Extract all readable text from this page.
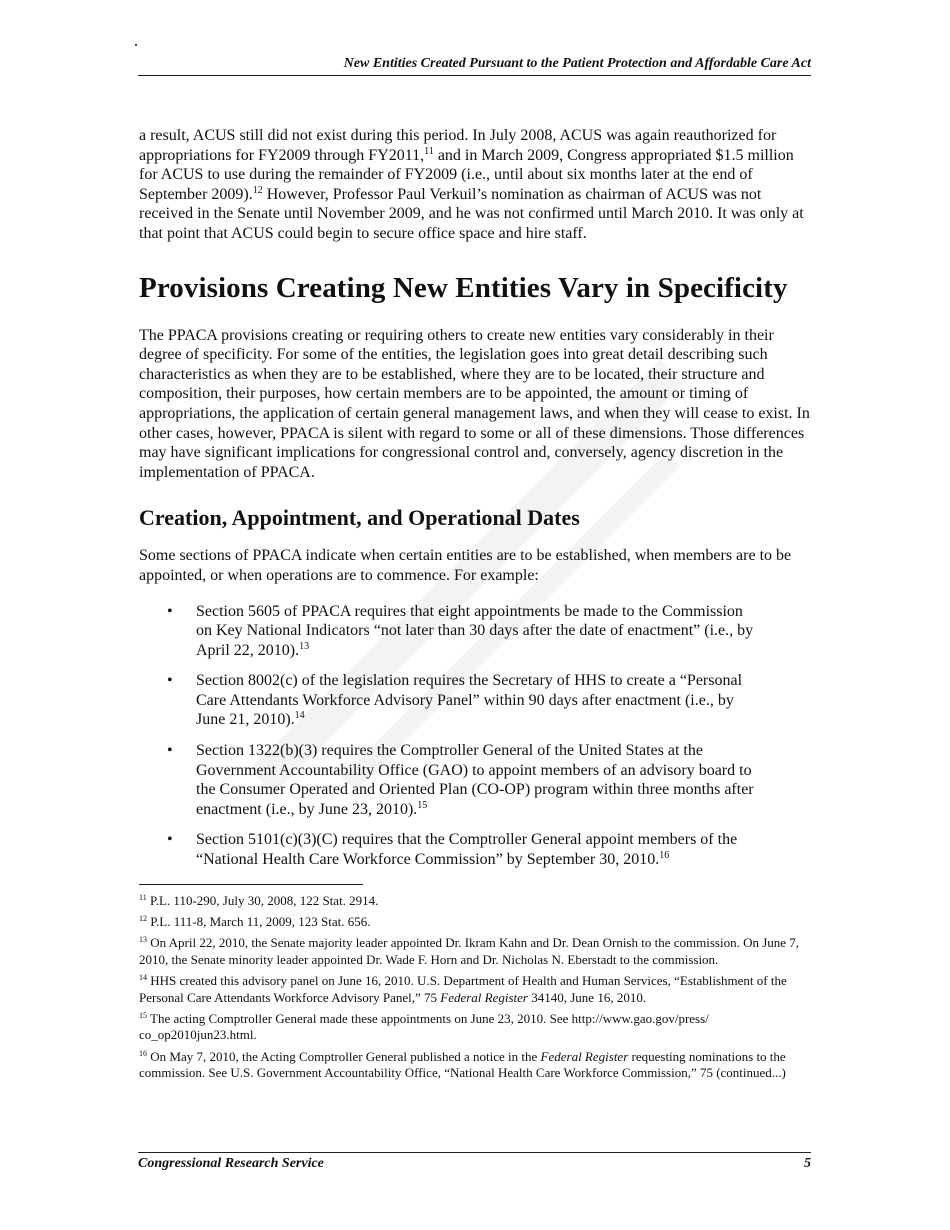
New Entities Created Pursuant to the Patient Protection and Affordable Care Act

a result, ACUS still did not exist during this period. In July 2008, ACUS was again reauthorized for appropriations for FY2009 through FY2011,11 and in March 2009, Congress appropriated $1.5 million for ACUS to use during the remainder of FY2009 (i.e., until about six months later at the end of September 2009).$^{12}$ However, Professor Paul Verkuil’s nomination as chairman of ACUS was not received in the Senate until November 2009, and he was not confirmed until March 2010. It was only at that point that ACUS could begin to secure office space and hire staff.

Provisions Creating New Entities Vary in Specificity

The PPACA provisions creating or requiring others to create new entities vary considerably in their degree of specificity. For some of the entities, the legislation goes into great detail describing such characteristics as when they are to be established, where they are to be located, their structure and composition, their purposes, how certain members are to be appointed, the amount or timing of appropriations, the application of certain general management laws, and when they will cease to exist. In other cases, however, PPACA is silent with regard to some or all of these dimensions. Those differences may have significant implications for congressional control and, conversely, agency discretion in the implementation of PPACA.

Creation, Appointment, and Operational Dates

Some sections of PPACA indicate when certain entities are to be established, when members are to be appointed, or when operations are to commence. For example:

• Section 5605 of PPACA requires that eight appointments be made to the Commission on Key National Indicators “not later than 30 days after the date of enactment” (i.e., by April 22, 2010).$^{13}$
• Section 8002(c) of the legislation requires the Secretary of HHS to create a “Personal Care Attendants Workforce Advisory Panel” within 90 days after enactment (i.e., by June 21, 2010).$^{14}$
• Section 1322(b)(3) requires the Comptroller General of the United States at the Government Accountability Office (GAO) to appoint members of an advisory board to the Consumer Operated and Oriented Plan (CO-OP) program within three months after enactment (i.e., by June 23, 2010).$^{15}$
• Section 5101(c)(3)(C) requires that the Comptroller General appoint members of the “National Health Care Workforce Commission” by September 30, 2010.16

$^{11}$ P.L. 110-290, July 30, 2008, 122 Stat. 2914.

$^{12}$ P.L. 111-8, March 11, 2009, 123 Stat. 656.

$^{13}$ On April 22, 2010, the Senate majority leader appointed Dr. Ikram Kahn and Dr. Dean Ornish to the commission. On June 7, 2010, the Senate minority leader appointed Dr. Wade F. Horn and Dr. Nicholas N. Eberstadt to the commission.

$^{14}$ HHS created this advisory panel on June 16, 2010. U.S. Department of Health and Human Services, “Establishment of the Personal Care Attendants Workforce Advisory Panel,” 75 Federal Register 34140, June 16, 2010.

$^{15}$ The acting Comptroller General made these appointments on June 23, 2010. See http://www.gao.gov/press/ co_op2010jun23.html.

$^{16}$ On May 7, 2010, the Acting Comptroller General published a notice in the Federal Register requesting nominations to the commission. See U.S. Government Accountability Office, “National Health Care Workforce Commission,” 75 (continued...)

Congressional Research Service	5
